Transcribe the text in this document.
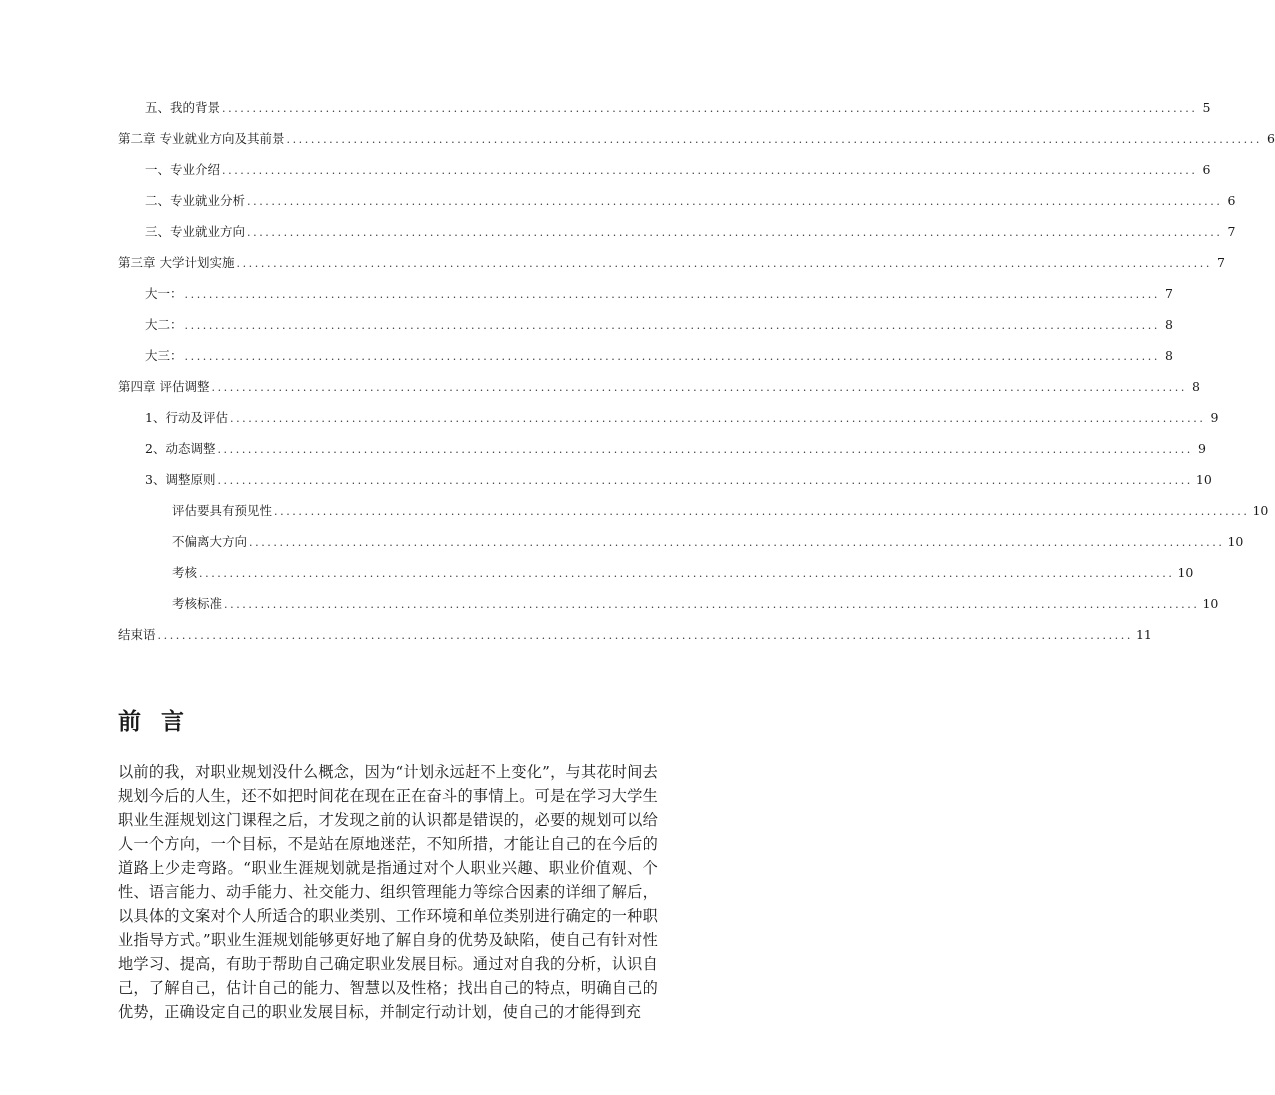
五、我的背景 ................................................................................................................................................................ 5
第二章 专业就业方向及其前景 ................................................................................................................................................................ 6
一、专业介绍 ................................................................................................................................................................ 6
二、专业就业分析 ................................................................................................................................................................ 6
三、专业就业方向 ................................................................................................................................................................ 7
第三章 大学计划实施 ................................................................................................................................................................ 7
大一： ................................................................................................................................................................ 7
大二： ................................................................................................................................................................ 8
大三： ................................................................................................................................................................ 8
第四章 评估调整 ................................................................................................................................................................ 8
1、行动及评估 ................................................................................................................................................................ 9
2、动态调整 ................................................................................................................................................................ 9
3、调整原则 ................................................................................................................................................................ 10
评估要具有预见性 ................................................................................................................................................................ 10
不偏离大方向 ................................................................................................................................................................ 10
考核 ................................................................................................................................................................ 10
考核标准 ................................................................................................................................................................ 10
结束语 ................................................................................................................................................................ 11
前 言

以前的我，对职业规划没什么概念，因为“计划永远赶不上变化”，与其花时间去规划今后的人生，还不如把时间花在现在正在奋斗的事情上。可是在学习大学生职业生涯规划这门课程之后，才发现之前的认识都是错误的，必要的规划可以给人一个方向，一个目标，不是站在原地迷茫，不知所措，才能让自己的在今后的道路上少走弯路。“职业生涯规划就是指通过对个人职业兴趣、职业价值观、个性、语言能力、动手能力、社交能力、组织管理能力等综合因素的详细了解后，以具体的文案对个人所适合的职业类别、工作环境和单位类别进行确定的一种职业指导方式。”职业生涯规划能够更好地了解自身的优势及缺陷，使自己有针对性地学习、提高，有助于帮助自己确定职业发展目标。通过对自我的分析，认识自己，了解自己，估计自己的能力、智慧以及性格；找出自己的特点，明确自己的优势，正确设定自己的职业发展目标，并制定行动计划，使自己的才能得到充
